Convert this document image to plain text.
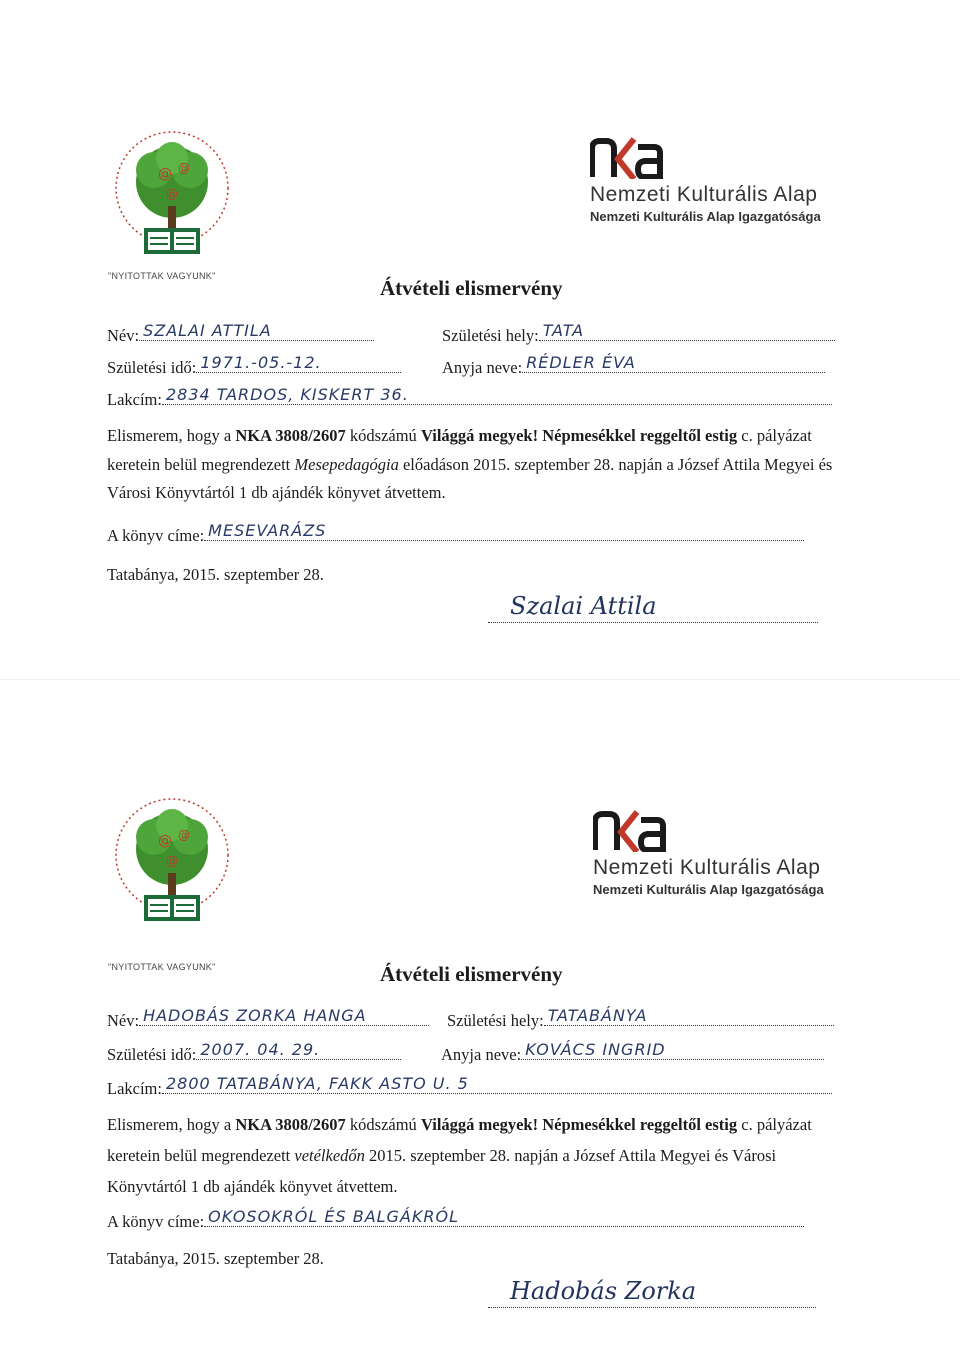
@ @
@
"NYITOTTAK VAGYUNK"
Nemzeti Kulturális Alap
Nemzeti Kulturális Alap Igazgatósága
Átvételi elismervény
Név: SZALAI ATTILA	Születési hely: TATA
Születési idő: 1971.-05.-12.	Anyja neve: RÉDLER ÉVA
Lakcím: 2834 TARDOS, KISKERT 36.
Elismerem, hogy a NKA 3808/2607 kódszámú Világgá megyek! Népmesékkel reggeltől estig c. pályázat keretein belül megrendezett Mesepedagógia előadáson 2015. szeptember 28. napján a József Attila Megyei és Városi Könyvtártól 1 db ajándék könyvet átvettem.
A könyv címe: MESEVARÁZS
Tatabánya, 2015. szeptember 28.
Szalai Attila
@ @
@
"NYITOTTAK VAGYUNK"
Nemzeti Kulturális Alap
Nemzeti Kulturális Alap Igazgatósága
Átvételi elismervény
Név: HADOBÁS ZORKA HANGA	Születési hely: TATABÁNYA
Születési idő: 2007. 04. 29.	Anyja neve: KOVÁCS INGRID
Lakcím: 2800 TATABÁNYA, FAKK ASTO U. 5
Elismerem, hogy a NKA 3808/2607 kódszámú Világgá megyek! Népmesékkel reggeltől estig c. pályázat keretein belül megrendezett vetélkedőn 2015. szeptember 28. napján a József Attila Megyei és Városi Könyvtártól 1 db ajándék könyvet átvettem.
A könyv címe: OKOSOKRÓL ÉS BALGÁKRÓL
Tatabánya, 2015. szeptember 28.
Hadobás Zorka
